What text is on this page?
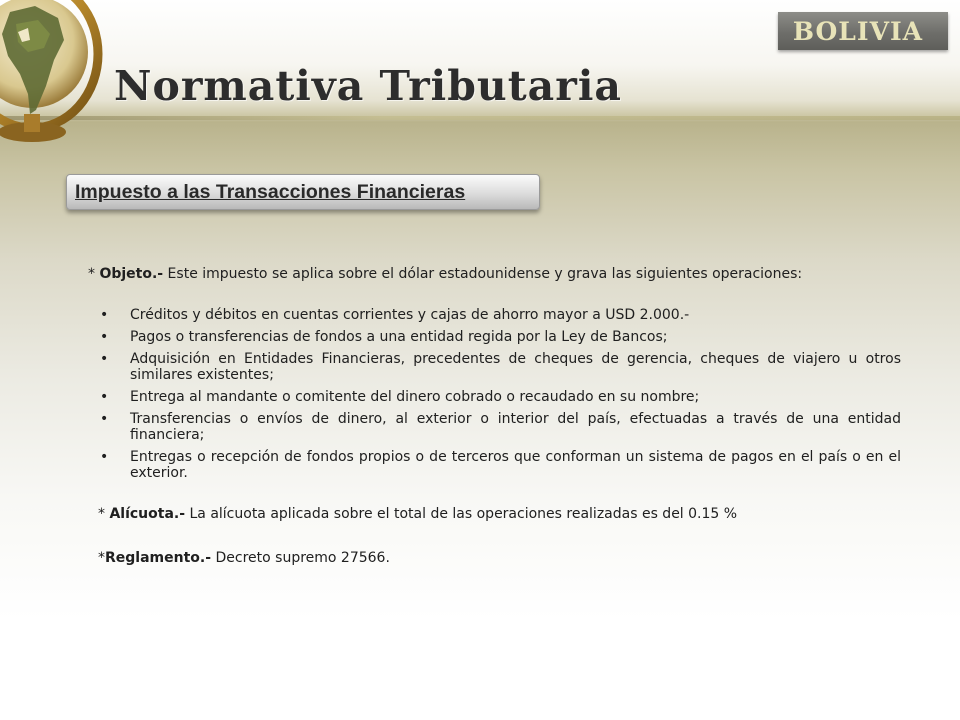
BOLIVIA
Normativa Tributaria
Impuesto a las Transacciones Financieras

* Objeto.- Este impuesto se aplica sobre el dólar estadounidense y grava las siguientes operaciones:

• Créditos y débitos en cuentas corrientes y cajas de ahorro mayor a USD 2.000.-
• Pagos o transferencias de fondos a una entidad regida por la Ley de Bancos;
• Adquisición en Entidades Financieras, precedentes de cheques de gerencia, cheques de viajero u otros similares existentes;
• Entrega al mandante o comitente del dinero cobrado o recaudado en su nombre;
• Transferencias o envíos de dinero, al exterior o interior del país, efectuadas a través de una entidad financiera;
• Entregas o recepción de fondos propios o de terceros que conforman un sistema de pagos en el país o en el exterior.

* Alícuota.- La alícuota aplicada sobre el total de las operaciones realizadas es del 0.15 %

*Reglamento.- Decreto supremo 27566.
